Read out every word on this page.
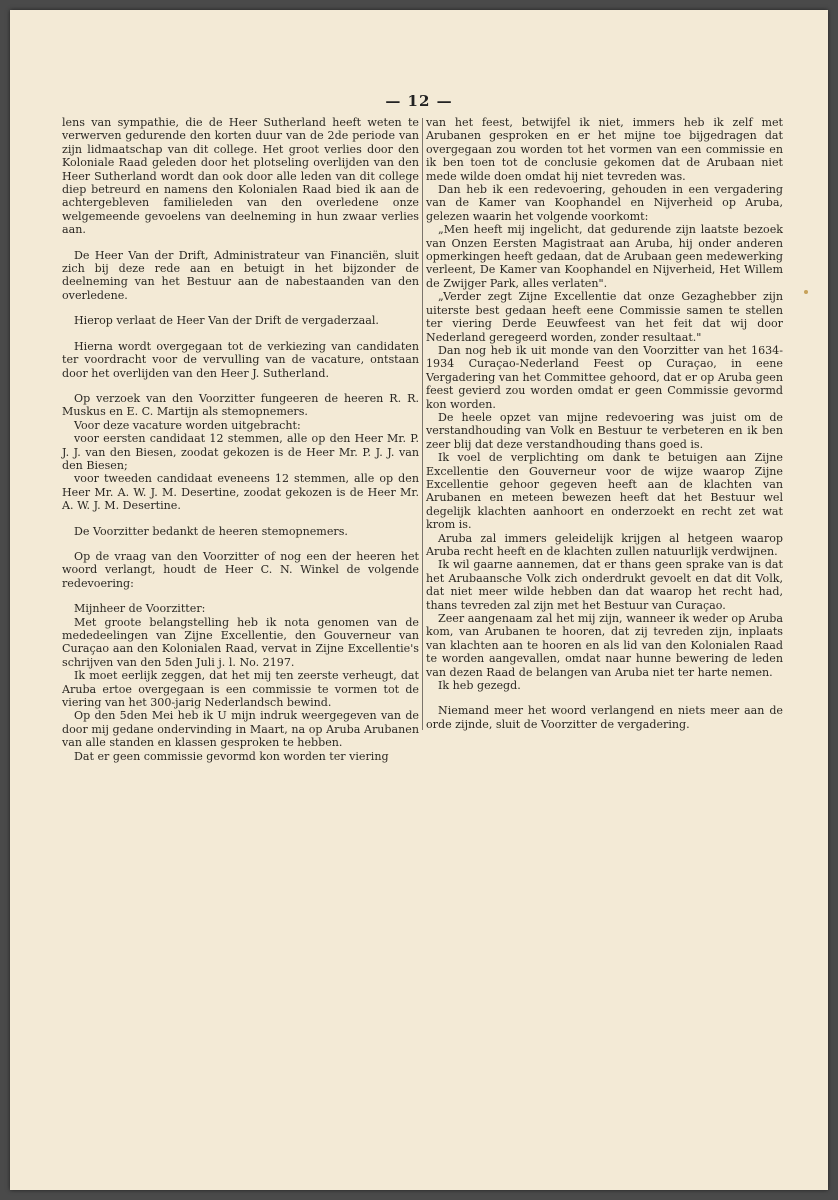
— 12 —

lens van sympathie, die de Heer Sutherland heeft weten te verwerven gedurende den korten duur van de 2de periode van zijn lidmaatschap van dit college. Het groot verlies door den Koloniale Raad geleden door het plotseling overlijden van den Heer Sutherland wordt dan ook door alle leden van dit college diep betreurd en namens den Kolonialen Raad bied ik aan de achtergebleven familieleden van den overledene onze welgemeende gevoelens van deelneming in hun zwaar verlies aan.

De Heer Van der Drift, Administrateur van Financiën, sluit zich bij deze rede aan en betuigt in het bijzonder de deelneming van het Bestuur aan de nabestaanden van den overledene.

Hierop verlaat de Heer Van der Drift de vergaderzaal.

Hierna wordt overgegaan tot de verkiezing van candidaten ter voordracht voor de vervulling van de vacature, ontstaan door het overlijden van den Heer J. Sutherland.

Op verzoek van den Voorzitter fungeeren de heeren R. R. Muskus en E. C. Martijn als stemopnemers.

Voor deze vacature worden uitgebracht:

voor eersten candidaat 12 stemmen, alle op den Heer Mr. P. J. J. van den Biesen, zoodat gekozen is de Heer Mr. P. J. J. van den Biesen;

voor tweeden candidaat eveneens 12 stemmen, alle op den Heer Mr. A. W. J. M. Desertine, zoodat gekozen is de Heer Mr. A. W. J. M. Desertine.

De Voorzitter bedankt de heeren stemopnemers.

Op de vraag van den Voorzitter of nog een der heeren het woord verlangt, houdt de Heer C. N. Winkel de volgende redevoering:

Mijnheer de Voorzitter:

Met groote belangstelling heb ik nota genomen van de mededeelingen van Zijne Excellentie, den Gouverneur van Curaçao aan den Kolonialen Raad, vervat in Zijne Excellentie's schrijven van den 5den Juli j. l. No. 2197.

Ik moet eerlijk zeggen, dat het mij ten zeerste verheugt, dat Aruba ertoe overgegaan is een commissie te vormen tot de viering van het 300-jarig Nederlandsch bewind.

Op den 5den Mei heb ik U mijn indruk weergegeven van de door mij gedane ondervinding in Maart, na op Aruba Arubanen van alle standen en klassen gesproken te hebben.

Dat er geen commissie gevormd kon worden ter viering

van het feest, betwijfel ik niet, immers heb ik zelf met Arubanen gesproken en er het mijne toe bijgedragen dat overgegaan zou worden tot het vormen van een commissie en ik ben toen tot de conclusie gekomen dat de Arubaan niet mede wilde doen omdat hij niet tevreden was.

Dan heb ik een redevoering, gehouden in een vergadering van de Kamer van Koophandel en Nijverheid op Aruba, gelezen waarin het volgende voorkomt:

„Men heeft mij ingelicht, dat gedurende zijn laatste bezoek van Onzen Eersten Magistraat aan Aruba, hij onder anderen opmerkingen heeft gedaan, dat de Arubaan geen medewerking verleent, De Kamer van Koophandel en Nijverheid, Het Willem de Zwijger Park, alles verlaten".

„Verder zegt Zijne Excellentie dat onze Gezaghebber zijn uiterste best gedaan heeft eene Commissie samen te stellen ter viering Derde Eeuwfeest van het feit dat wij door Nederland geregeerd worden, zonder resultaat."

Dan nog heb ik uit monde van den Voorzitter van het 1634-1934 Curaçao-Nederland Feest op Curaçao, in eene Vergadering van het Committee gehoord, dat er op Aruba geen feest gevierd zou worden omdat er geen Commissie gevormd kon worden.

De heele opzet van mijne redevoering was juist om de verstandhouding van Volk en Bestuur te verbeteren en ik ben zeer blij dat deze verstandhouding thans goed is.

Ik voel de verplichting om dank te betuigen aan Zijne Excellentie den Gouverneur voor de wijze waarop Zijne Excellentie gehoor gegeven heeft aan de klachten van Arubanen en meteen bewezen heeft dat het Bestuur wel degelijk klachten aanhoort en onderzoekt en recht zet wat krom is.

Aruba zal immers geleidelijk krijgen al hetgeen waarop Aruba recht heeft en de klachten zullen natuurlijk verdwijnen.

Ik wil gaarne aannemen, dat er thans geen sprake van is dat het Arubaansche Volk zich onderdrukt gevoelt en dat dit Volk, dat niet meer wilde hebben dan dat waarop het recht had, thans tevreden zal zijn met het Bestuur van Curaçao.

Zeer aangenaam zal het mij zijn, wanneer ik weder op Aruba kom, van Arubanen te hooren, dat zij tevreden zijn, inplaats van klachten aan te hooren en als lid van den Kolonialen Raad te worden aangevallen, omdat naar hunne bewering de leden van dezen Raad de belangen van Aruba niet ter harte nemen.

Ik heb gezegd.

Niemand meer het woord verlangend en niets meer aan de orde zijnde, sluit de Voorzitter de vergadering.
